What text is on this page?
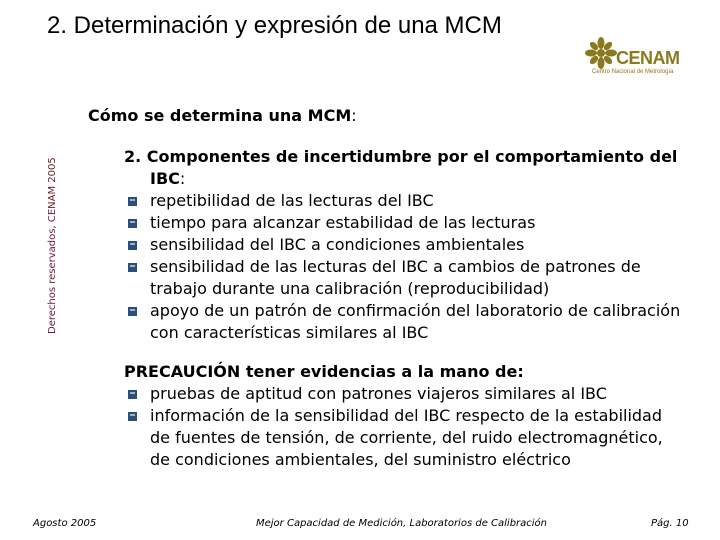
2. Determinación y expresión de una MCM
CENAM
Centro Nacional de Metrología
Derechos reservados, CENAM 2005
Cómo se determina una MCM:
2. Componentes de incertidumbre por el comportamiento del IBC:
repetibilidad de las lecturas del IBC
tiempo para alcanzar estabilidad de las lecturas
sensibilidad del IBC a condiciones ambientales
sensibilidad de las lecturas del IBC a cambios de patrones de trabajo durante una calibración (reproducibilidad)
apoyo de un patrón de confirmación del laboratorio de calibración con características similares al IBC
PRECAUCIÓN tener evidencias a la mano de:
pruebas de aptitud con patrones viajeros similares al IBC
información de la sensibilidad del IBC respecto de la estabilidad de fuentes de tensión, de corriente, del ruido electromagnético, de condiciones ambientales, del suministro eléctrico
Agosto 2005	Mejor Capacidad de Medición, Laboratorios de Calibración	Pág. 10
